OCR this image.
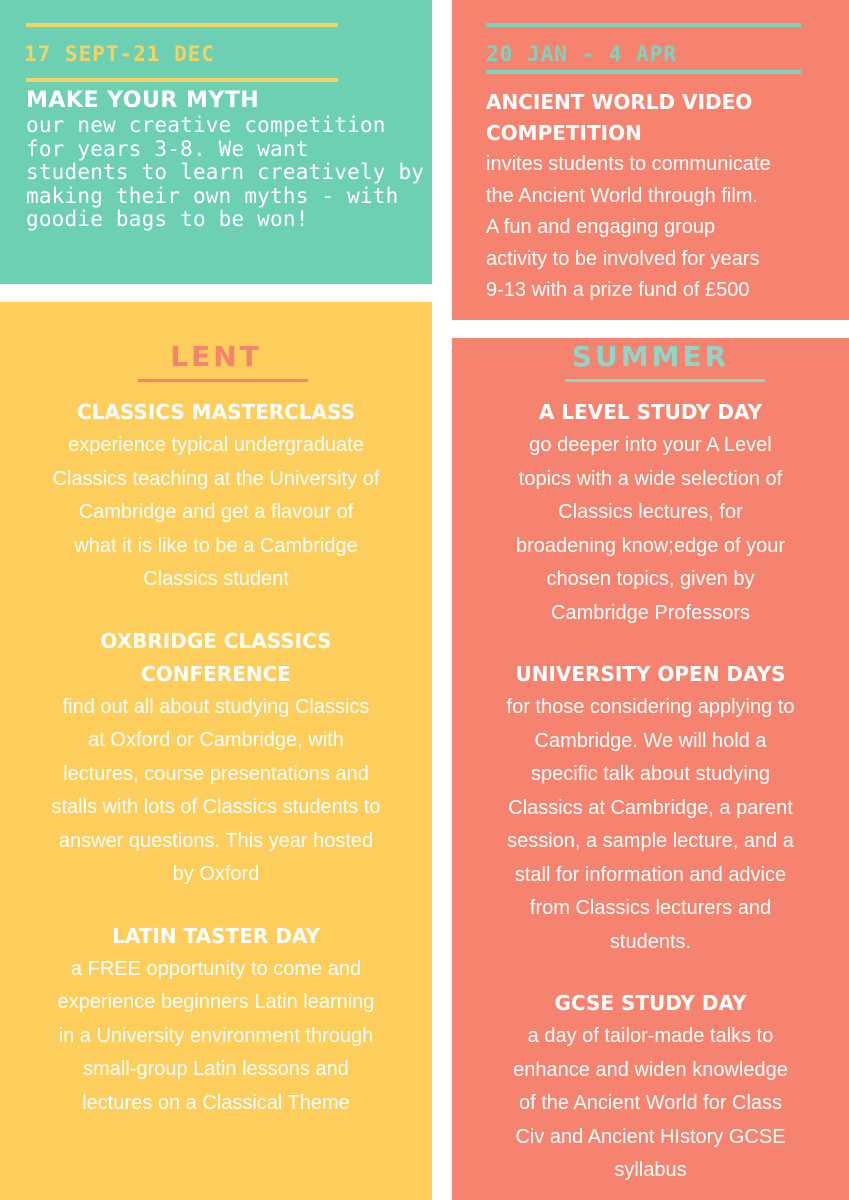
17 SEPT-21 DEC

MAKE YOUR MYTH

our new creative competition

for years 3-8. We want

students to learn creatively by

making their own myths - with

goodie bags to be won!

20 JAN - 4 APR

ANCIENT WORLD VIDEO

COMPETITION

invites students to communicate

the Ancient World through film.

A fun and engaging group

activity to be involved for years

9-13 with a prize fund of £500

LENT

CLASSICS MASTERCLASS

experience typical undergraduate

Classics teaching at the University of

Cambridge and get a flavour of

what it is like to be a Cambridge

Classics student

OXBRIDGE CLASSICS

CONFERENCE

find out all about studying Classics

at Oxford or Cambridge, with

lectures, course presentations and

stalls with lots of Classics students to

answer questions. This year hosted

by Oxford

LATIN TASTER DAY

a FREE opportunity to come and

experience beginners Latin learning

in a University environment through

small-group Latin lessons and

lectures on a Classical Theme

SUMMER

A LEVEL STUDY DAY

go deeper into your A Level

topics with a wide selection of

Classics lectures, for

broadening know;edge of your

chosen topics, given by

Cambridge Professors

UNIVERSITY OPEN DAYS

for those considering applying to

Cambridge. We will hold a

specific talk about studying

Classics at Cambridge, a parent

session, a sample lecture, and a

stall for information and advice

from Classics lecturers and

students.

GCSE STUDY DAY

a day of tailor-made talks to

enhance and widen knowledge

of the Ancient World for Class

Civ and Ancient HIstory GCSE

syllabus
